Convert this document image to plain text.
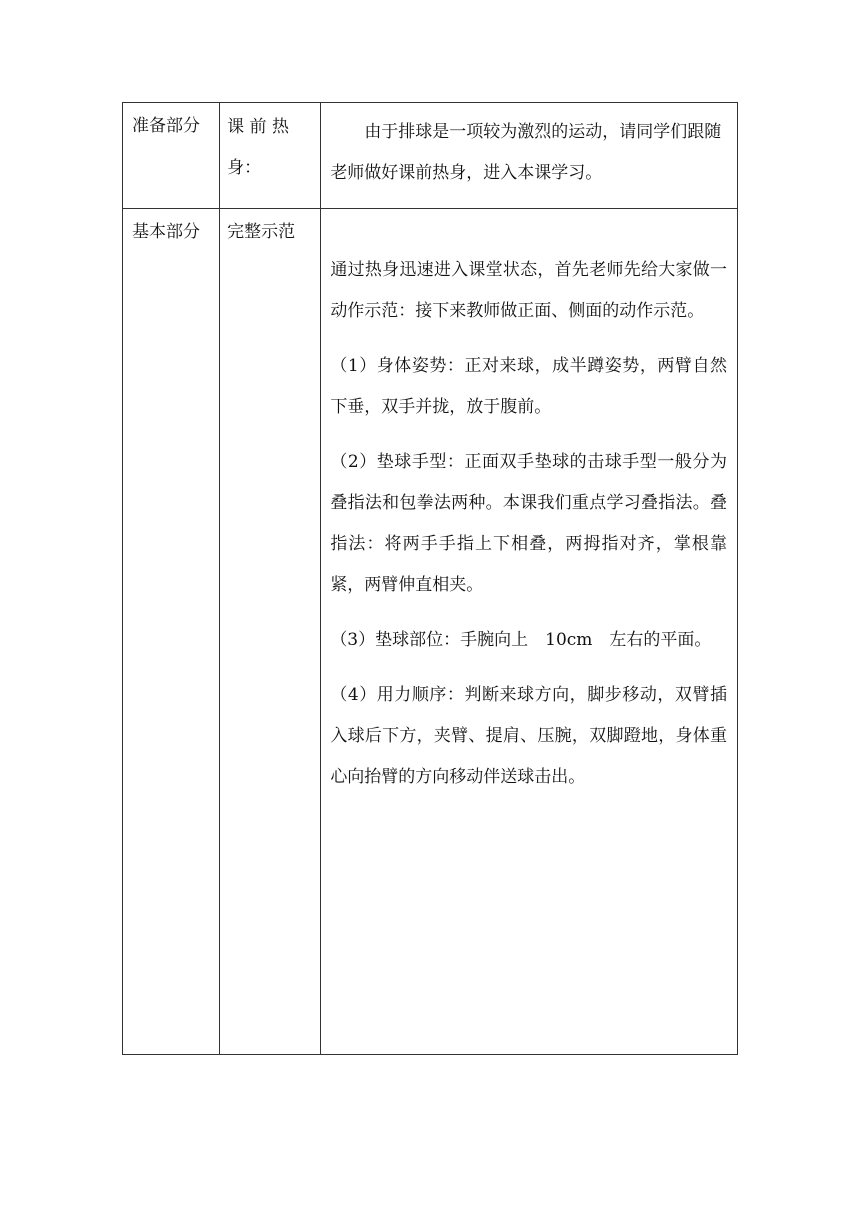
准备部分	课 前 热 身：	由于排球是一项较为激烈的运动，请同学们跟随老师做好课前热身，进入本课学习。

基本部分	完整示范	通过热身迅速进入课堂状态，首先老师先给大家做一动作示范：接下来教师做正面、侧面的动作示范。

（1）身体姿势：正对来球，成半蹲姿势，两臂自然下垂，双手并拢，放于腹前。

（2）垫球手型：正面双手垫球的击球手型一般分为叠指法和包拳法两种。本课我们重点学习叠指法。叠指法：将两手手指上下相叠，两拇指对齐，掌根靠紧，两臂伸直相夹。

（3）垫球部位：手腕向上　10cm　左右的平面。

（4）用力顺序：判断来球方向，脚步移动，双臂插入球后下方，夹臂、提肩、压腕，双脚蹬地，身体重心向抬臂的方向移动伴送球击出。
